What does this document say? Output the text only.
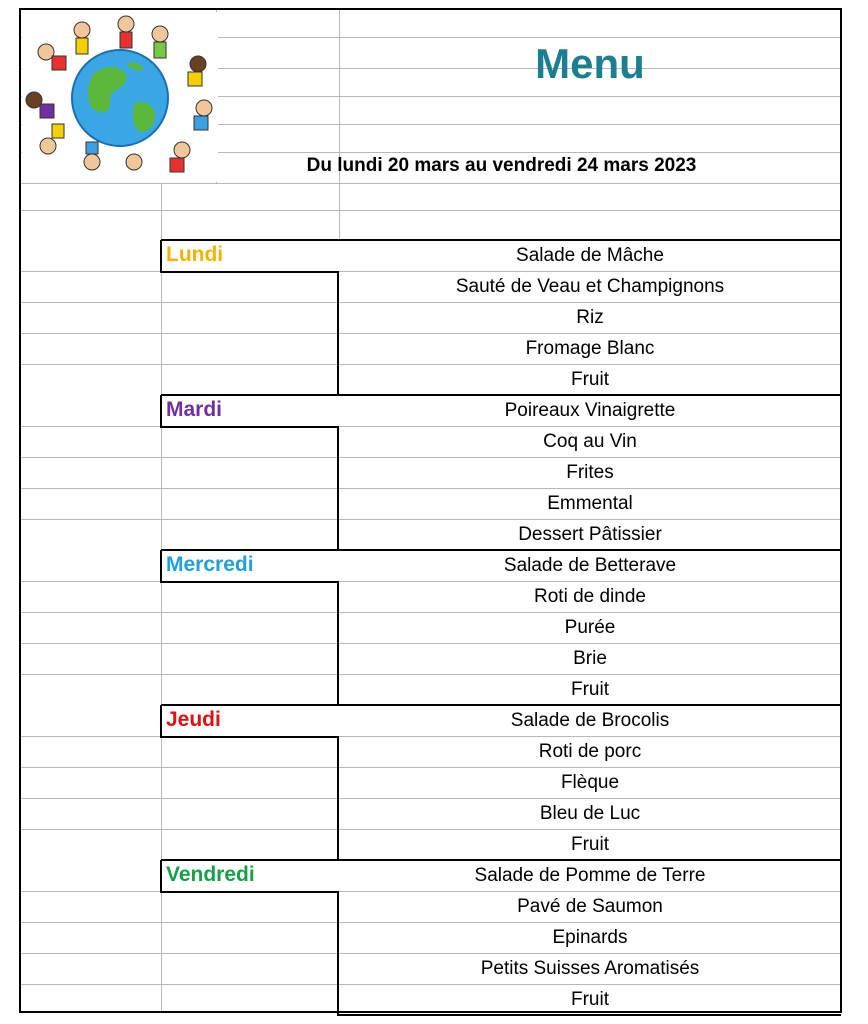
Menu
Du lundi 20 mars au vendredi 24 mars 2023
Lundi	Salade de Mâche
Sauté de Veau et Champignons
Riz
Fromage Blanc
Fruit
Mardi	Poireaux Vinaigrette
Coq au Vin
Frites
Emmental
Dessert Pâtissier
Mercredi	Salade de Betterave
Roti de dinde
Purée
Brie
Fruit
Jeudi	Salade de Brocolis
Roti de porc
Flèque
Bleu de Luc
Fruit
Vendredi	Salade de Pomme de Terre
Pavé de Saumon
Epinards
Petits Suisses Aromatisés
Fruit
